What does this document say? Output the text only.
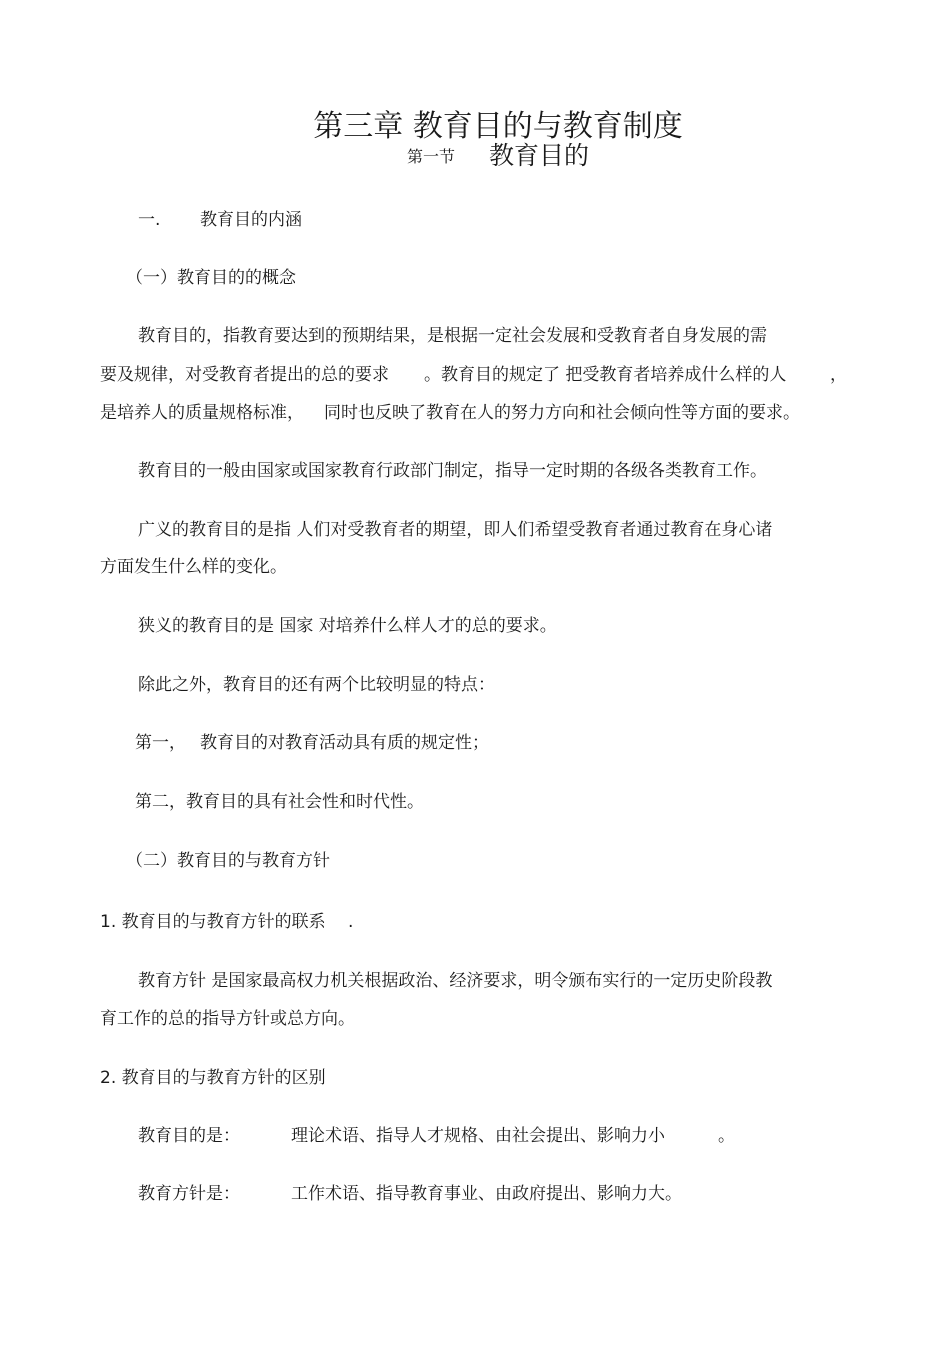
第三章 教育目的与教育制度
第一节 教育目的
一. 教育目的内涵
（一）教育目的的概念
教育目的，指教育要达到的预期结果，是根据一定社会发展和受教育者自身发展的需
要及规律，对受教育者提出的总的要求 。教育目的规定了 把受教育者培养成什么样的人	，
是培养人的质量规格标准， 同时也反映了教育在人的努力方向和社会倾向性等方面的要求。
教育目的一般由国家或国家教育行政部门制定，指导一定时期的各级各类教育工作。
广义的教育目的是指 人们对受教育者的期望，即人们希望受教育者通过教育在身心诸
方面发生什么样的变化。
狭义的教育目的是 国家 对培养什么样人才的总的要求。
除此之外，教育目的还有两个比较明显的特点：
第一， 教育目的对教育活动具有质的规定性；
第二，教育目的具有社会性和时代性。
（二）教育目的与教育方针
1. 教育目的与教育方针的联系 .
教育方针 是国家最高权力机关根据政治、经济要求，明令颁布实行的一定历史阶段教
育工作的总的指导方针或总方向。
2. 教育目的与教育方针的区别
教育目的是：	理论术语、指导人才规格、由社会提出、影响力小	。
教育方针是：	工作术语、指导教育事业、由政府提出、影响力大。
